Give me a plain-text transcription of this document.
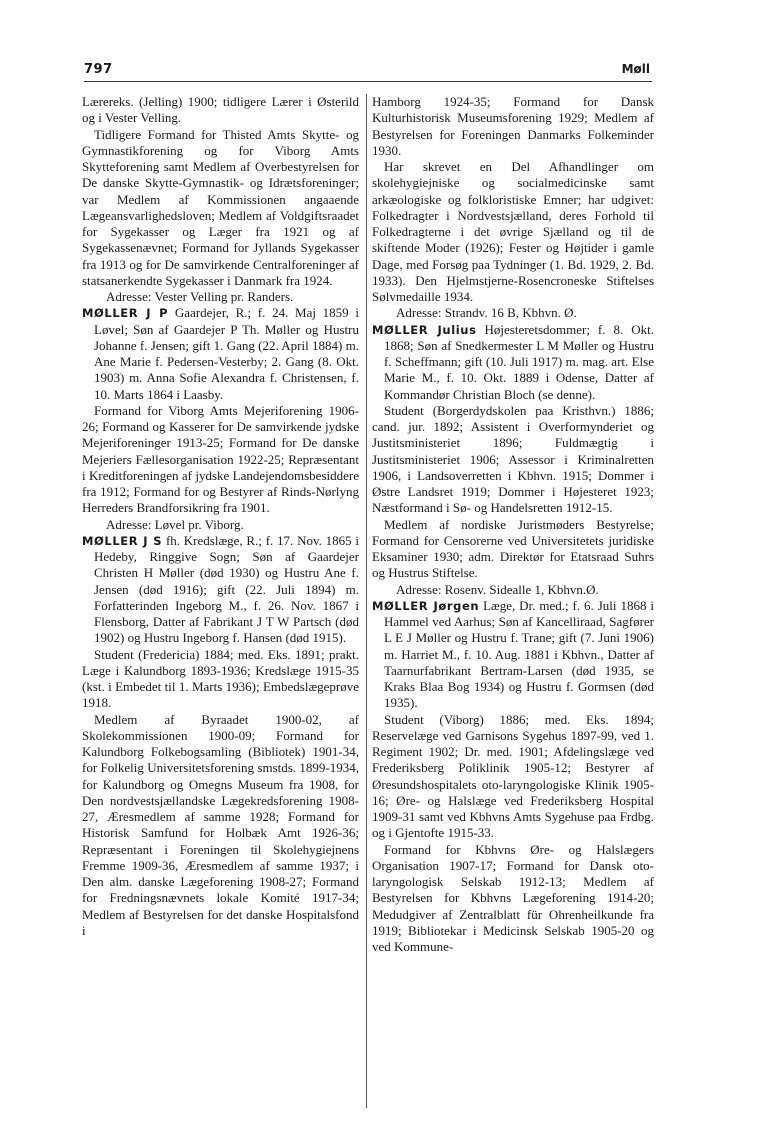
797	Møll

Lærereks. (Jelling) 1900; tidligere Lærer i Østerild og i Vester Velling.

Tidligere Formand for Thisted Amts Skytte- og Gymnastikforening og for Viborg Amts Skytteforening samt Medlem af Overbestyrelsen for De danske Skytte-Gymnastik- og Idrætsforeninger; var Medlem af Kommissionen angaaende Lægeansvarlighedsloven; Medlem af Voldgiftsraadet for Sygekasser og Læger fra 1921 og af Sygekassenævnet; Formand for Jyllands Sygekasser fra 1913 og for De samvirkende Centralforeninger af statsanerkendte Sygekasser i Danmark fra 1924.

Adresse: Vester Velling pr. Randers.

MØLLER J P Gaardejer, R.; f. 24. Maj 1859 i Løvel; Søn af Gaardejer P Th. Møller og Hustru Johanne f. Jensen; gift 1. Gang (22. April 1884) m. Ane Marie f. Pedersen-Vesterby; 2. Gang (8. Okt. 1903) m. Anna Sofie Alexandra f. Christensen, f. 10. Marts 1864 i Laasby.

Formand for Viborg Amts Mejeriforening 1906-26; Formand og Kasserer for De samvirkende jydske Mejeriforeninger 1913-25; Formand for De danske Mejeriers Fællesorganisation 1922-25; Repræsentant i Kreditforeningen af jydske Landejendomsbesiddere fra 1912; Formand for og Bestyrer af Rinds-Nørlyng Herreders Brandforsikring fra 1901.

Adresse: Løvel pr. Viborg.

MØLLER J S fh. Kredslæge, R.; f. 17. Nov. 1865 i Hedeby, Ringgive Sogn; Søn af Gaardejer Christen H Møller (død 1930) og Hustru Ane f. Jensen (død 1916); gift (22. Juli 1894) m. Forfatterinden Ingeborg M., f. 26. Nov. 1867 i Flensborg, Datter af Fabrikant J T W Partsch (død 1902) og Hustru Ingeborg f. Hansen (død 1915).

Student (Fredericia) 1884; med. Eks. 1891; prakt. Læge i Kalundborg 1893-1936; Kredslæge 1915-35 (kst. i Embedet til 1. Marts 1936); Embedslægeprøve 1918.

Medlem af Byraadet 1900-02, af Skolekommissionen 1900-09; Formand for Kalundborg Folkebogsamling (Bibliotek) 1901-34, for Folkelig Universitetsforening smstds. 1899-1934, for Kalundborg og Omegns Museum fra 1908, for Den nordvestsjællandske Lægekredsforening 1908-27, Æresmedlem af samme 1928; Formand for Historisk Samfund for Holbæk Amt 1926-36; Repræsentant i Foreningen til Skolehygiejnens Fremme 1909-36, Æresmedlem af samme 1937; i Den alm. danske Lægeforening 1908-27; Formand for Fredningsnævnets lokale Komité 1917-34; Medlem af Bestyrelsen for det danske Hospitalsfond i

Hamborg 1924-35; Formand for Dansk Kulturhistorisk Museumsforening 1929; Medlem af Bestyrelsen for Foreningen Danmarks Folkeminder 1930.

Har skrevet en Del Afhandlinger om skolehygiejniske og socialmedicinske samt arkæologiske og folkloristiske Emner; har udgivet: Folkedragter i Nordvestsjælland, deres Forhold til Folkedragterne i det øvrige Sjælland og til de skiftende Moder (1926); Fester og Højtider i gamle Dage, med Forsøg paa Tydninger (1. Bd. 1929, 2. Bd. 1933). Den Hjelmstjerne-Rosencroneske Stiftelses Sølvmedaille 1934.

Adresse: Strandv. 16 B, Kbhvn. Ø.

MØLLER Julius Højesteretsdommer; f. 8. Okt. 1868; Søn af Snedkermester L M Møller og Hustru f. Scheffmann; gift (10. Juli 1917) m. mag. art. Else Marie M., f. 10. Okt. 1889 i Odense, Datter af Kommandør Christian Bloch (se denne).

Student (Borgerdydskolen paa Kristhvn.) 1886; cand. jur. 1892; Assistent i Overformynderiet og Justitsministeriet 1896; Fuldmægtig i Justitsministeriet 1906; Assessor i Kriminalretten 1906, i Landsoverretten i Kbhvn. 1915; Dommer i Østre Landsret 1919; Dommer i Højesteret 1923; Næstformand i Sø- og Handelsretten 1912-15.

Medlem af nordiske Juristmøders Bestyrelse; Formand for Censorerne ved Universitetets juridiske Eksaminer 1930; adm. Direktør for Etatsraad Suhrs og Hustrus Stiftelse.

Adresse: Rosenv. Sidealle 1, Kbhvn.Ø.

MØLLER Jørgen Læge, Dr. med.; f. 6. Juli 1868 i Hammel ved Aarhus; Søn af Kancelliraad, Sagfører L E J Møller og Hustru f. Trane; gift (7. Juni 1906) m. Harriet M., f. 10. Aug. 1881 i Kbhvn., Datter af Taarnurfabrikant Bertram-Larsen (død 1935, se Kraks Blaa Bog 1934) og Hustru f. Gormsen (død 1935).

Student (Viborg) 1886; med. Eks. 1894; Reservelæge ved Garnisons Sygehus 1897-99, ved 1. Regiment 1902; Dr. med. 1901; Afdelingslæge ved Frederiksberg Poliklinik 1905-12; Bestyrer af Øresundshospitalets oto-laryngologiske Klinik 1905-16; Øre- og Halslæge ved Frederiksberg Hospital 1909-31 samt ved Kbhvns Amts Sygehuse paa Frdbg. og i Gjentofte 1915-33.

Formand for Kbhvns Øre- og Halslægers Organisation 1907-17; Formand for Dansk oto-laryngologisk Selskab 1912-13; Medlem af Bestyrelsen for Kbhvns Lægeforening 1914-20; Medudgiver af Zentralblatt für Ohrenheilkunde fra 1919; Bibliotekar i Medicinsk Selskab 1905-20 og ved Kommune-
